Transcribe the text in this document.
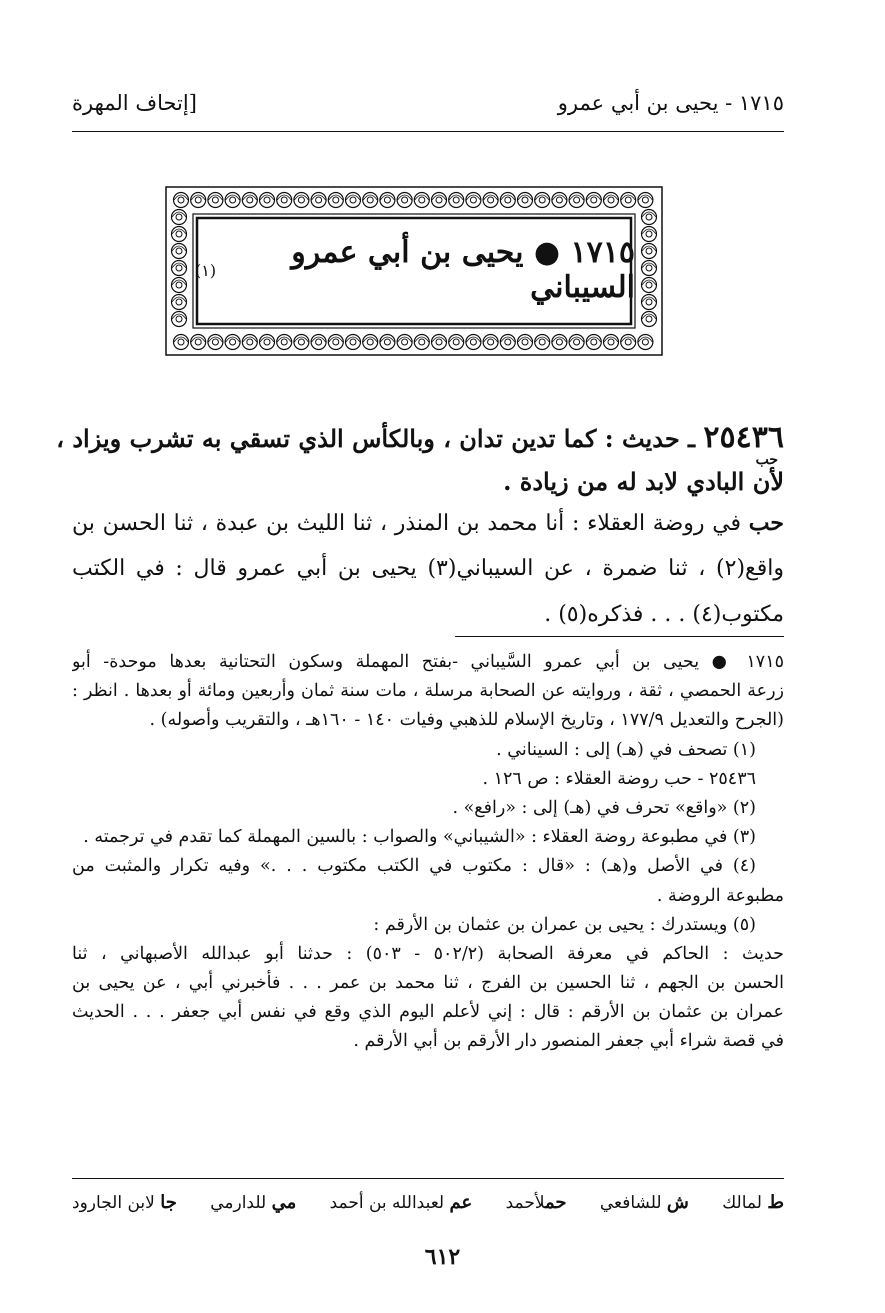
[إتحاف المهرة	١٧١٥ - يحيى بن أبي عمرو
١٧١٥ ● يحيى بن أبي عمرو السيباني
(١)
٢٥٤٣٦ ـ حديث : كما تدين تدان ، وبالكأس الذي تسقي به تشرب ويزاد ،
لأن البادي لابد له من زيادة .
حب
حب في روضة العقلاء : أنا محمد بن المنذر ، ثنا الليث بن عبدة ، ثنا الحسن بن
واقع(٢) ، ثنا ضمرة ، عن السيباني(٣) يحيى بن أبي عمرو قال : في الكتب
مكتوب(٤) . . . فذكره(٥) .
١٧١٥ ● يحيى بن أبي عمرو السَّيباني -بفتح المهملة وسكون التحتانية بعدها موحدة- أبو
زرعة الحمصي ، ثقة ، وروايته عن الصحابة مرسلة ، مات سنة ثمان وأربعين ومائة أو بعدها . انظر :
(الجرح والتعديل ١٧٧/٩ ، وتاريخ الإسلام للذهبي وفيات ١٤٠ - ١٦٠هـ ، والتقريب وأصوله) .
(١) تصحف في (هـ) إلى : السيناني .
٢٥٤٣٦ - حب روضة العقلاء : ص ١٢٦ .
(٢) «واقع» تحرف في (هـ) إلى : «رافع» .
(٣) في مطبوعة روضة العقلاء : «الشيباني» والصواب : بالسين المهملة كما تقدم في ترجمته .
(٤) في الأصل و(هـ) : «قال : مكتوب في الكتب مكتوب . . .» وفيه تكرار والمثبت من
مطبوعة الروضة .
(٥) ويستدرك : يحيى بن عمران بن عثمان بن الأرقم :
حديث : الحاكم في معرفة الصحابة (٥٠٢/٢ - ٥٠٣) : حدثنا أبو عبدالله الأصبهاني ، ثنا
الحسن بن الجهم ، ثنا الحسين بن الفرج ، ثنا محمد بن عمر . . . فأخبرني أبي ، عن يحيى بن
عمران بن عثمان بن الأرقم : قال : إني لأعلم اليوم الذي وقع في نفس أبي جعفر . . . الحديث
في قصة شراء أبي جعفر المنصور دار الأرقم بن أبي الأرقم .
ط لمالك
ش للشافعي
حملأحمد
عم لعبدالله بن أحمد
مي للدارمي
جا لابن الجارود
٦١٢
